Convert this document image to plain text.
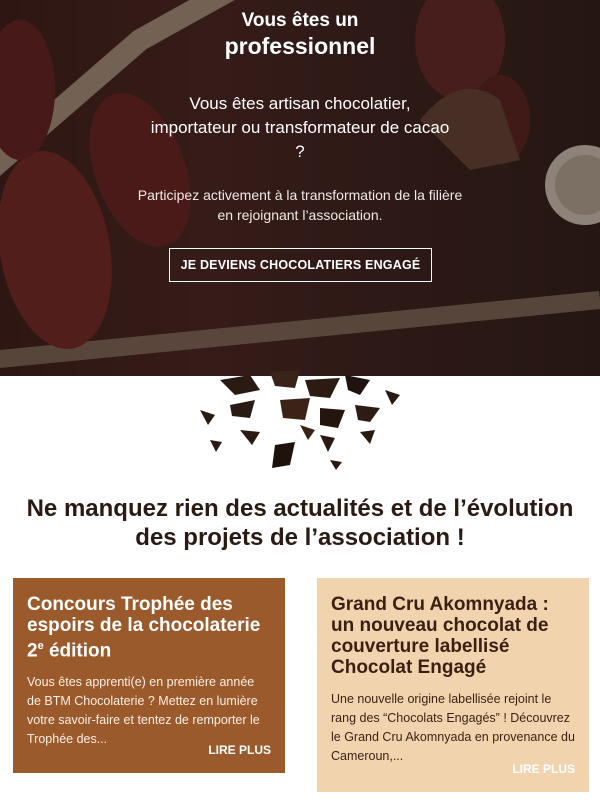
Vous êtes un
professionnel
Vous êtes artisan chocolatier, importateur ou transformateur de cacao ?
Participez activement à la transformation de la filière en rejoignant l’association.
JE DEVIENS CHOCOLATIERS ENGAGÉ
Ne manquez rien des actualités et de l’évolution des projets de l’association !
Concours Trophée des espoirs de la chocolaterie 2e édition

Vous êtes apprenti(e) en première année de BTM Chocolaterie ? Mettez en lumière votre savoir-faire et tentez de remporter le Trophée des...

LIRE PLUS
Grand Cru Akomnyada : un nouveau chocolat de couverture labellisé Chocolat Engagé

Une nouvelle origine labellisée rejoint le rang des “Chocolats Engagés” ! Découvrez le Grand Cru Akomnyada en provenance du Cameroun,...

LIRE PLUS
